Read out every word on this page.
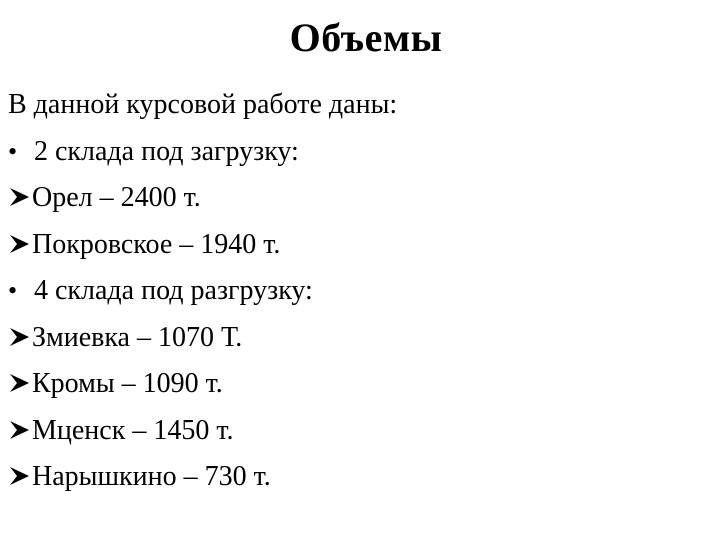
Объемы
В данной курсовой работе даны:
• 2 склада под загрузку:
Орел – 2400 т.
Покровское – 1940 т.
• 4 склада под разгрузку:
Змиевка – 1070 Т.
Кромы – 1090 т.
Мценск – 1450 т.
Нарышкино – 730 т.
